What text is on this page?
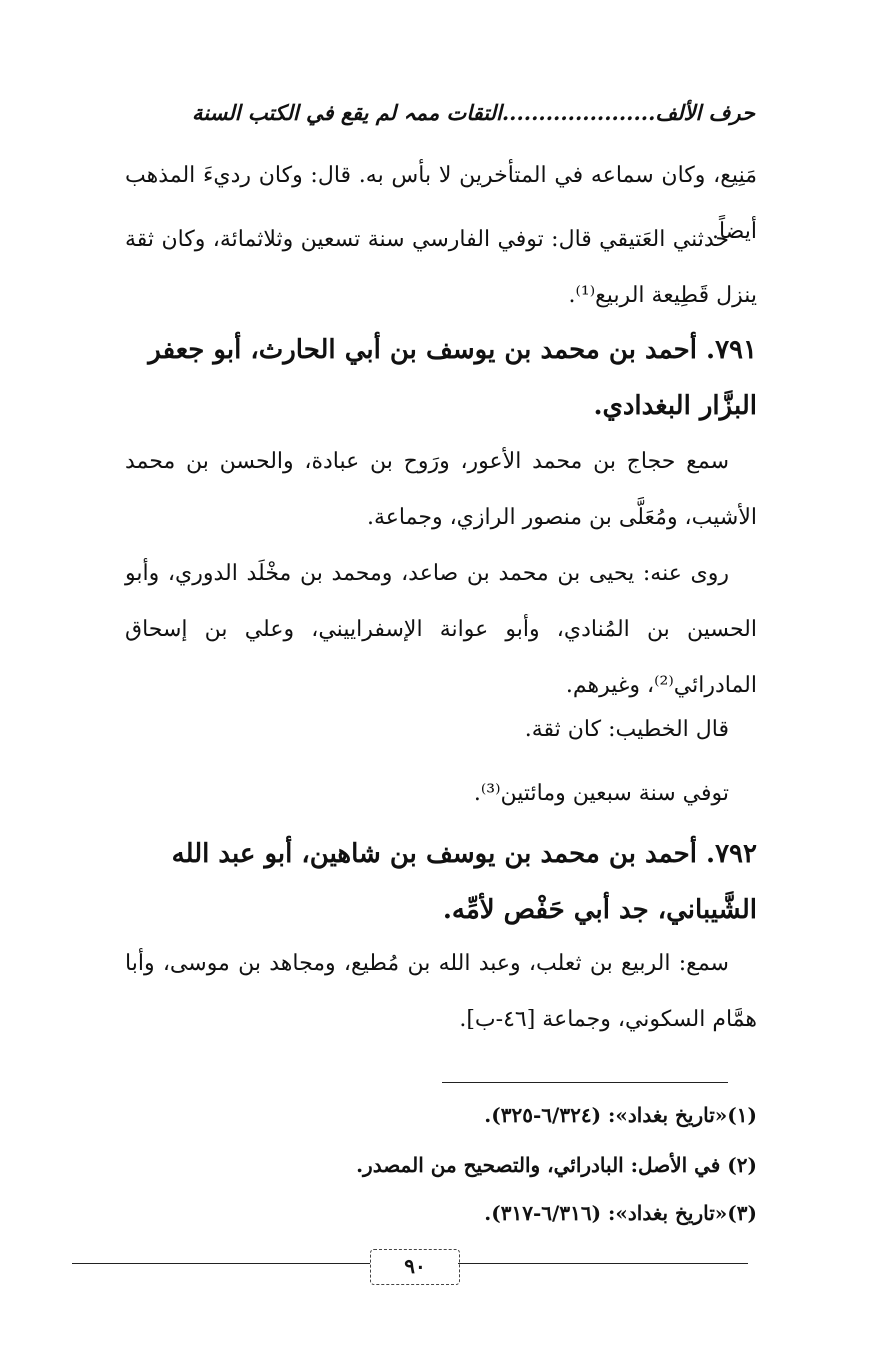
حرف الألف.....................التقات ممہ لم يقع في الكتب السنة

مَنِيع، وكان سماعه في المتأخرين لا بأس به. قال: وكان رديءَ المذهب أيضاً.

حدثني العَتيقي قال: توفي الفارسي سنة تسعين وثلاثمائة، وكان ثقة ينزل قَطِيعة الربيع⁽¹⁾.

٧٩١. أحمد بن محمد بن يوسف بن أبي الحارث، أبو جعفر البزَّار البغدادي.

سمع حجاج بن محمد الأعور، ورَوح بن عبادة، والحسن بن محمد الأشيب، ومُعَلَّى بن منصور الرازي، وجماعة.

روى عنه: يحيى بن محمد بن صاعد، ومحمد بن مخْلَد الدوري، وأبو الحسين بن المُنادي، وأبو عوانة الإسفراييني، وعلي بن إسحاق المادرائي⁽²⁾، وغيرهم.

قال الخطيب: كان ثقة.

توفي سنة سبعين ومائتين⁽³⁾.

٧٩٢. أحمد بن محمد بن يوسف بن شاهين، أبو عبد الله الشَّيباني، جد أبي حَفْص لأمِّه.

سمع: الربيع بن ثعلب، وعبد الله بن مُطيع، ومجاهد بن موسى، وأبا همَّام السكوني، وجماعة [٤٦-ب].

(١)«تاريخ بغداد»: (٦/٣٢٤-٣٢٥).
(٢) في الأصل: البادرائي، والتصحيح من المصدر.
(٣)«تاريخ بغداد»: (٦/٣١٦-٣١٧).
٩٠
